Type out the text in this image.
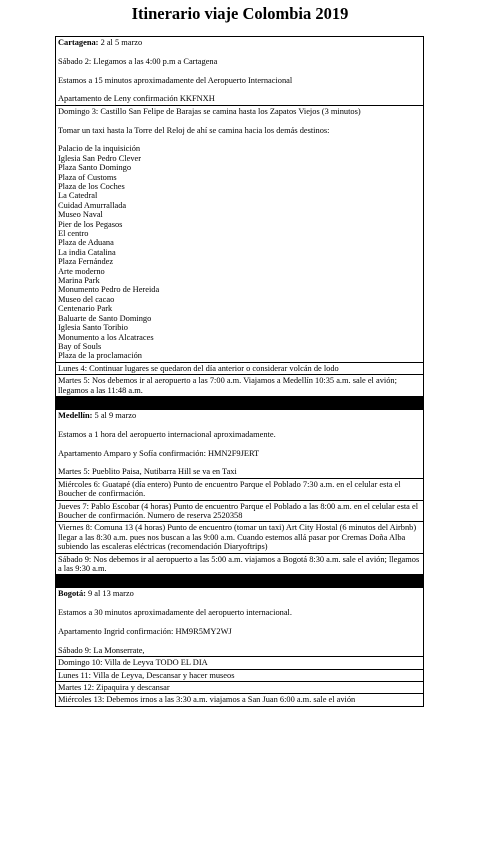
Itinerario viaje Colombia 2019

Cartagena: 2 al 5 marzo

Sábado 2: Llegamos a las 4:00 p.m a Cartagena

Estamos a 15 minutos aproximadamente del Aeropuerto Internacional

Apartamento de Leny confirmación KKFNXH

Domingo 3: Castillo San Felipe de Barajas se camina hasta los Zapatos Viejos (3 minutos)

Tomar un taxi hasta la Torre del Reloj de ahí se camina hacia los demás destinos:

Palacio de la inquisición
Iglesia San Pedro Clever
Plaza Santo Domingo
Plaza of Customs
Plaza de los Coches
La Catedral
Cuidad Amurrallada
Museo Naval
Pier de los Pegasos
El centro
Plaza de Aduana
La india Catalina
Plaza Fernández
Arte moderno
Marina Park
Monumento Pedro de Hereida
Museo del cacao
Centenario Park
Baluarte de Santo Domingo
Iglesia Santo Toribio
Monumento a los Alcatraces
Bay of Souls
Plaza de la proclamación

Lunes 4: Continuar lugares se quedaron del día anterior o considerar volcán de lodo

Martes 5: Nos debemos ir al aeropuerto a las 7:00 a.m. Viajamos a Medellín 10:35 a.m. sale el avión; llegamos a las 11:48 a.m.

Medellín: 5 al 9 marzo

Estamos a 1 hora del aeropuerto internacional aproximadamente.

Apartamento Amparo y Sofía confirmación: HMN2F9JERT

Martes 5: Pueblito Paisa, Nutibarra Hill se va en Taxi

Miércoles 6: Guatapé (día entero) Punto de encuentro Parque el Poblado 7:30 a.m. en el celular esta el Boucher de confirmación.

Jueves 7: Pablo Escobar (4 horas) Punto de encuentro Parque el Poblado a las 8:00 a.m. en el celular esta el Boucher de confirmación. Numero de reserva 2520358

Viernes 8: Comuna 13 (4 horas) Punto de encuentro (tomar un taxi) Art City Hostal (6 minutos del Airbnb) llegar a las 8:30 a.m. pues nos buscan a las 9:00 a.m. Cuando estemos allá pasar por Cremas Doña Alba subiendo las escaleras eléctricas (recomendación Diaryoftrips)

Sábado 9: Nos debemos ir al aeropuerto a las 5:00 a.m. viajamos a Bogotá 8:30 a.m. sale el avión; llegamos a las 9:30 a.m.

Bogotá: 9 al 13 marzo

Estamos a 30 minutos aproximadamente del aeropuerto internacional.

Apartamento Ingrid confirmación: HM9R5MY2WJ

Sábado 9: La Monserrate,

Domingo 10: Villa de Leyva TODO EL DIA

Lunes 11: Villa de Leyva, Descansar y hacer museos

Martes 12: Zipaquira y descansar

Miércoles 13: Debemos irnos a las 3:30 a.m. viajamos a San Juan 6:00 a.m. sale el avión
